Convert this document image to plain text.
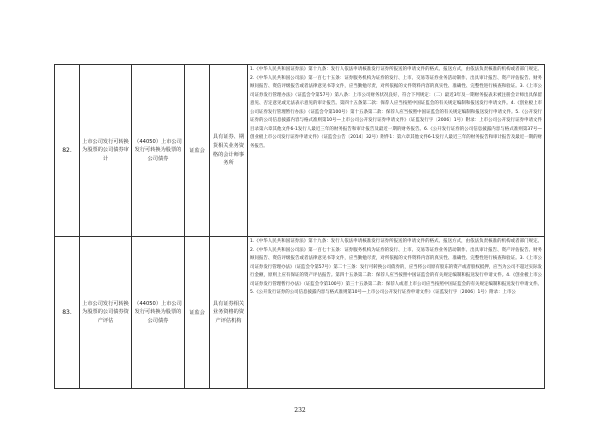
82.	上市公司发行可转换为股票的公司债券审计	（44050）上市公司发行可转换为股票的公司债券	证监会	具有证券、期货相关业务资格的会计师事务所	1.《中华人民共和国证券法》第十九条：发行人依法申请核准发行证券所报送的申请文件的格式、报送方式，由依法负责核准的机构或者部门规定。2.《中华人民共和国公司法》第一百七十五条：证券服务机构为证券的发行、上市、交易等证券业务活动制作、出具审计报告、资产评估报告、财务顾问报告、资信评级报告或者法律意见书等文件，应当勤勉尽责，对所依据的文件资料内容的真实性、准确性、完整性进行核查和验证。3.《上市公司证券发行管理办法》（证监会令第57号）第八条：上市公司财务状况良好，符合下列规定：（二）最近3年及一期财务报表未被注册会计师出具保留意见、否定意见或无法表示意见的审计报告。第四十五条第二款：保荐人应当按照中国证监会的有关规定编制和报送发行申请文件。4.《创业板上市公司证券发行管理暂行办法》（证监会令第100号）第十五条第二款：保荐人应当按照中国证监会的有关规定编制和报送发行申请文件。5.《公开发行证券的公司信息披露内容与格式准则第10号—上市公司公开发行证券申请文件》（证监发行字〔2006〕1号）附录：上市公司公开发行证券申请文件目录第六章其他文件6-1发行人最近三年的财务报告和审计报告及最近一期的财务报告。6.《公开发行证券的公司信息披露内容与格式准则第37号—创业板上市公司发行证券申请文件》（证监会公告〔2014〕32号）附件1：第六章其他文件6-1发行人最近三年的财务报告和审计报告及最近一期的财务报告。

83.	上市公司发行可转换为股票的公司债券资产评估	（44050）上市公司发行可转换为股票的公司债券	证监会	具有证券相关业务资格的资产评估机构	1.《中华人民共和国证券法》第十九条：发行人依法申请核准发行证券所报送的申请文件的格式、报送方式，由依法负责核准的机构或者部门规定。2.《中华人民共和国公司法》第一百七十五条：证券服务机构为证券的发行、上市、交易等证券业务活动制作、出具审计报告、资产评估报告、财务顾问报告、资信评级报告或者法律意见书等文件，应当勤勉尽责，对所依据的文件资料内容的真实性、准确性、完整性进行核查和验证。3.《上市公司证券发行管理办法》（证监会令第57号）第二十三条：发行可转换公司债券的，应当将公司原有股东的资产或者股权抵押，应当为公司不超过实际发行金额，原则上应有保证的资产评估报告。第四十五条第二款：保荐人应当按照中国证监会的有关规定编制和报送发行申请文件。4.《创业板上市公司证券发行管理暂行办法》（证监会令第100号）第三十五条第二款：保荐人或者上市公司应当按照中国证监会的有关规定编制和报送发行申请文件。5.《公开发行证券的公司信息披露内容与格式准则第10号—上市公司公开发行证券申请文件》（证监发行字〔2006〕1号）附录：上市公

232
